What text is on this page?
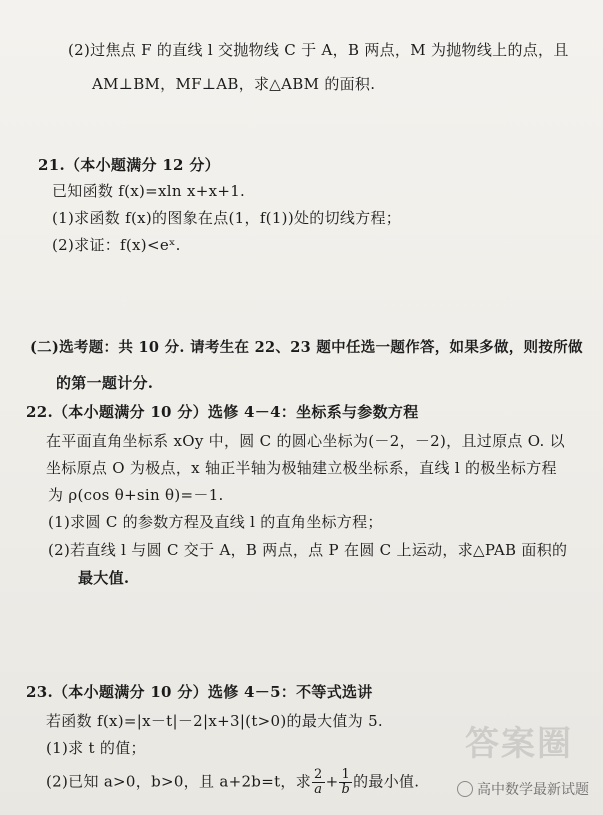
(2)过焦点 F 的直线 l 交抛物线 C 于 A，B 两点，M 为抛物线上的点，且
AM⊥BM，MF⊥AB，求△ABM 的面积.
21.（本小题满分 12 分）
已知函数 f(x)=xln x+x+1.
(1)求函数 f(x)的图象在点(1，f(1))处的切线方程；
(2)求证：f(x)<eˣ.
(二)选考题：共 10 分. 请考生在 22、23 题中任选一题作答，如果多做，则按所做
的第一题计分.
22.（本小题满分 10 分）选修 4－4：坐标系与参数方程
在平面直角坐标系 xOy 中，圆 C 的圆心坐标为(－2，－2)，且过原点 O. 以
坐标原点 O 为极点，x 轴正半轴为极轴建立极坐标系，直线 l 的极坐标方程
为 ρ(cos θ+sin θ)=－1.
(1)求圆 C 的参数方程及直线 l 的直角坐标方程；
(2)若直线 l 与圆 C 交于 A，B 两点，点 P 在圆 C 上运动，求△PAB 面积的
最大值.
23.（本小题满分 10 分）选修 4－5：不等式选讲
若函数 f(x)=|x－t|－2|x+3|(t>0)的最大值为 5.
(1)求 t 的值；
(2)已知 a>0，b>0，且 a+2b=t，求 $\frac{2}{a} + \frac{1}{b}$ 的最小值.
答案圈
高中数学最新试题
